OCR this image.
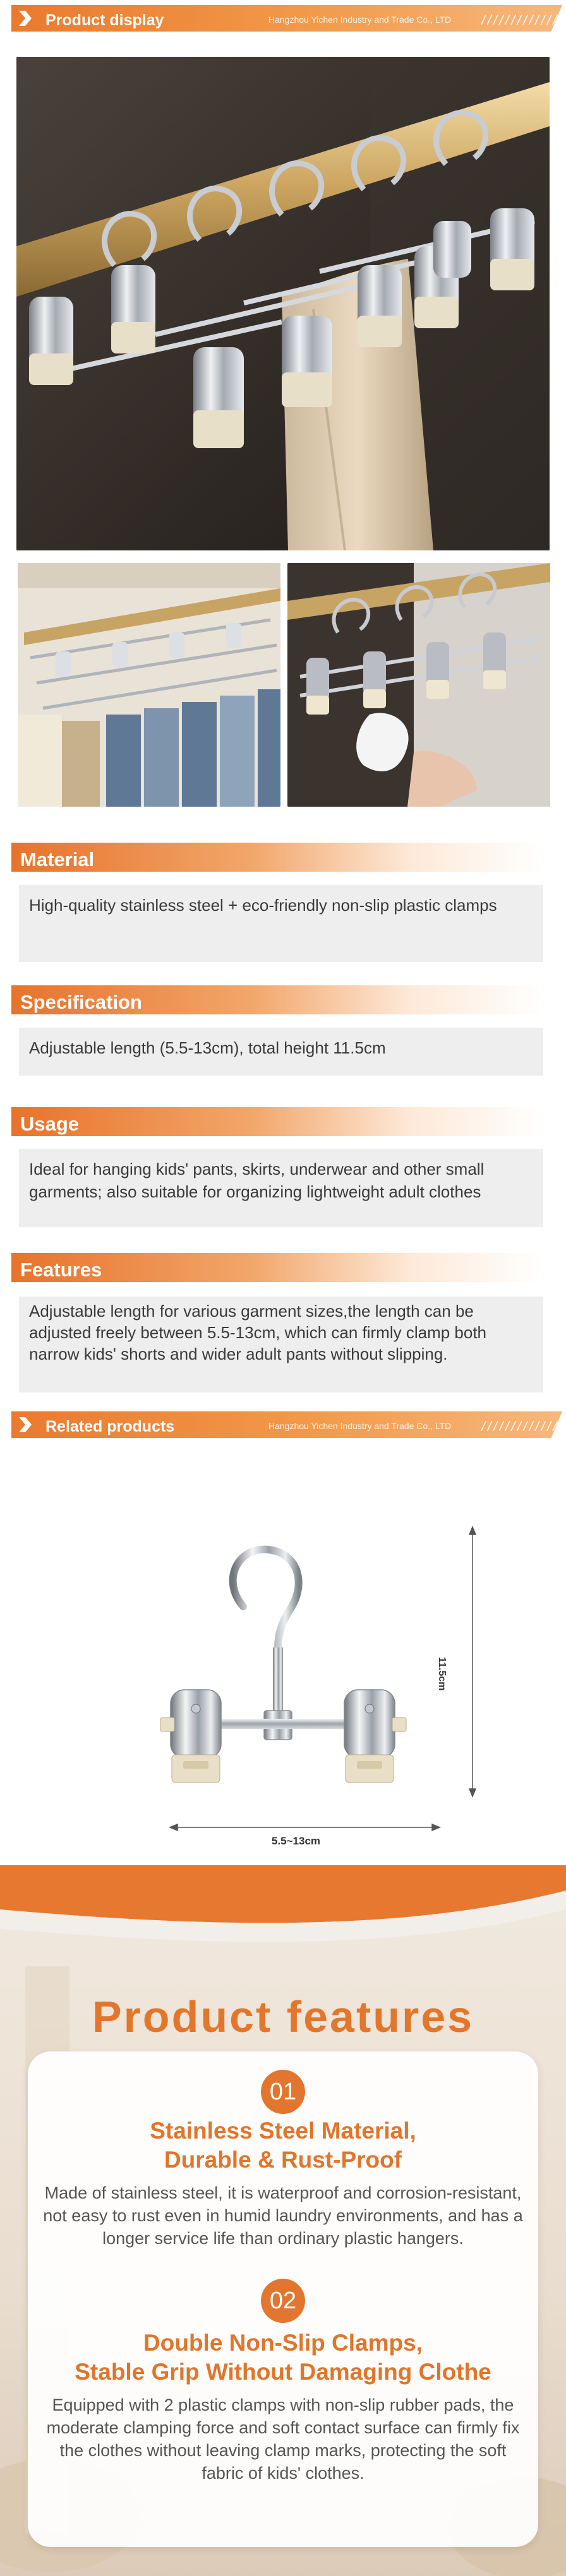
Product display	Hangzhou Yichen Industry and Trade Co., LTD //////////////
Material
High-quality stainless steel + eco-friendly non-slip plastic clamps
Specification
Adjustable length (5.5-13cm), total height 11.5cm
Usage
Ideal for hanging kids' pants, skirts, underwear and other small garments; also suitable for organizing lightweight adult clothes
Features
Adjustable length for various garment sizes,the length can be adjusted freely between 5.5-13cm, which can firmly clamp both narrow kids' shorts and wider adult pants without slipping.
Related products	Hangzhou Yichen Industry and Trade Co., LTD //////////////
11.5cm
5.5~13cm
Product features
01
Stainless Steel Material,
Durable & Rust-Proof
Made of stainless steel, it is waterproof and corrosion-resistant, not easy to rust even in humid laundry environments, and has a longer service life than ordinary plastic hangers.
02
Double Non-Slip Clamps,
Stable Grip Without Damaging Clothe
Equipped with 2 plastic clamps with non-slip rubber pads, the moderate clamping force and soft contact surface can firmly fix the clothes without leaving clamp marks, protecting the soft fabric of kids' clothes.
